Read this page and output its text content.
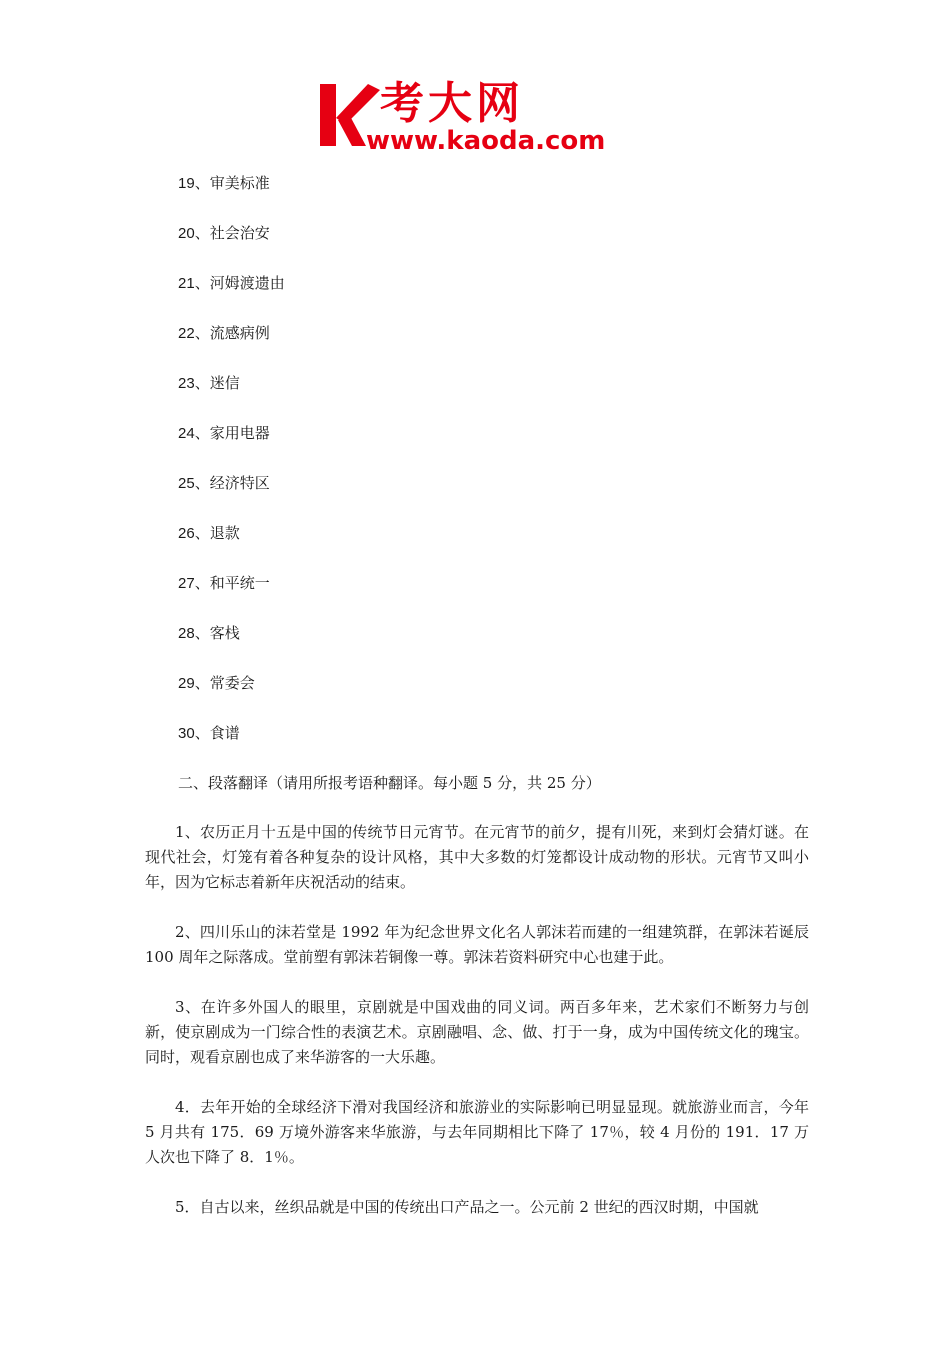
考大网
www.kaoda.com
19、审美标准
20、社会治安
21、河姆渡遗由
22、流感病例
23、迷信
24、家用电器
25、经济特区
26、退款
27、和平统一
28、客栈
29、常委会
30、食谱
二、段落翻译（请用所报考语种翻译。每小题 5 分，共 25 分）

1、农历正月十五是中国的传统节日元宵节。在元宵节的前夕，提有川死，来到灯会猜灯谜。在现代社会，灯笼有着各种复杂的设计风格，其中大多数的灯笼都设计成动物的形状。元宵节又叫小年，因为它标志着新年庆祝活动的结束。

2、四川乐山的沫若堂是 1992 年为纪念世界文化名人郭沫若而建的一组建筑群，在郭沫若诞辰 100 周年之际落成。堂前塑有郭沫若铜像一尊。郭沫若资料研究中心也建于此。

3、在许多外国人的眼里，京剧就是中国戏曲的同义词。两百多年来，艺术家们不断努力与创新，使京剧成为一门综合性的表演艺术。京剧融唱、念、做、打于一身，成为中国传统文化的瑰宝。同时，观看京剧也成了来华游客的一大乐趣。

4．去年开始的全球经济下滑对我国经济和旅游业的实际影响已明显显现。就旅游业而言，今年 5 月共有 175．69 万境外游客来华旅游，与去年同期相比下降了 17％，较 4 月份的 191．17 万人次也下降了 8．1％。

5．自古以来，丝织品就是中国的传统出口产品之一。公元前 2 世纪的西汉时期，中国就
